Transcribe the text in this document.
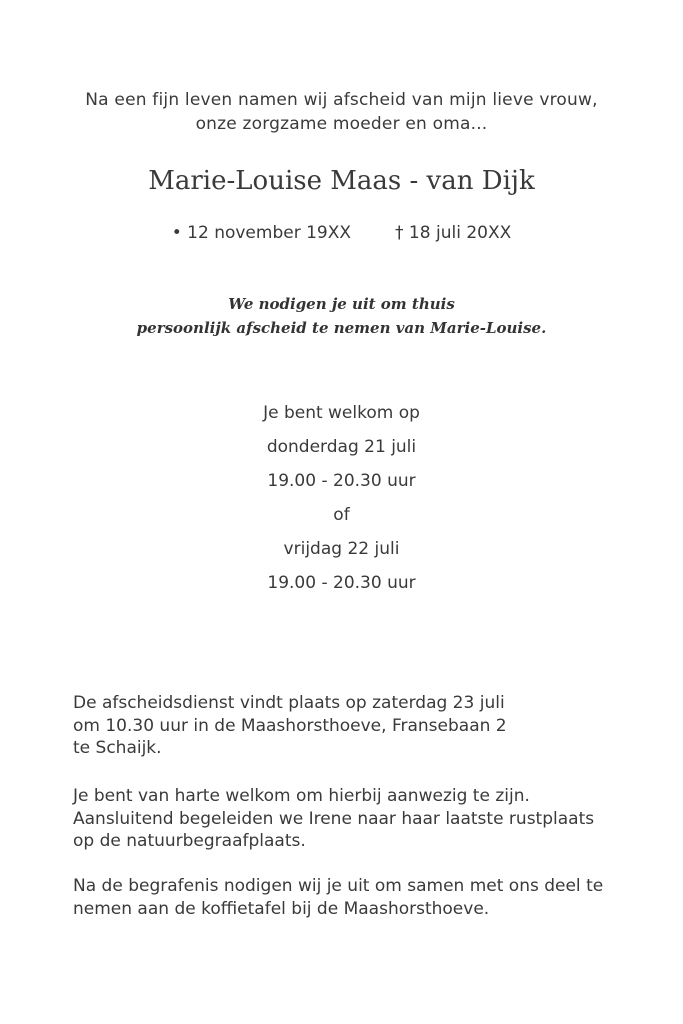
Na een fijn leven namen wij afscheid van mijn lieve vrouw,
onze zorgzame moeder en oma...
Marie-Louise Maas - van Dijk
• 12 november 19XX	† 18 juli 20XX
We nodigen je uit om thuis
persoonlijk afscheid te nemen van Marie-Louise.
Je bent welkom op
donderdag 21 juli
19.00 - 20.30 uur
of
vrijdag 22 juli
19.00 - 20.30 uur
De afscheidsdienst vindt plaats op zaterdag 23 juli
om 10.30 uur in de Maashorsthoeve, Fransebaan 2
te Schaijk.
Je bent van harte welkom om hierbij aanwezig te zijn.
Aansluitend begeleiden we Irene naar haar laatste rustplaats
op de natuurbegraafplaats.
Na de begrafenis nodigen wij je uit om samen met ons deel te
nemen aan de koffietafel bij de Maashorsthoeve.
